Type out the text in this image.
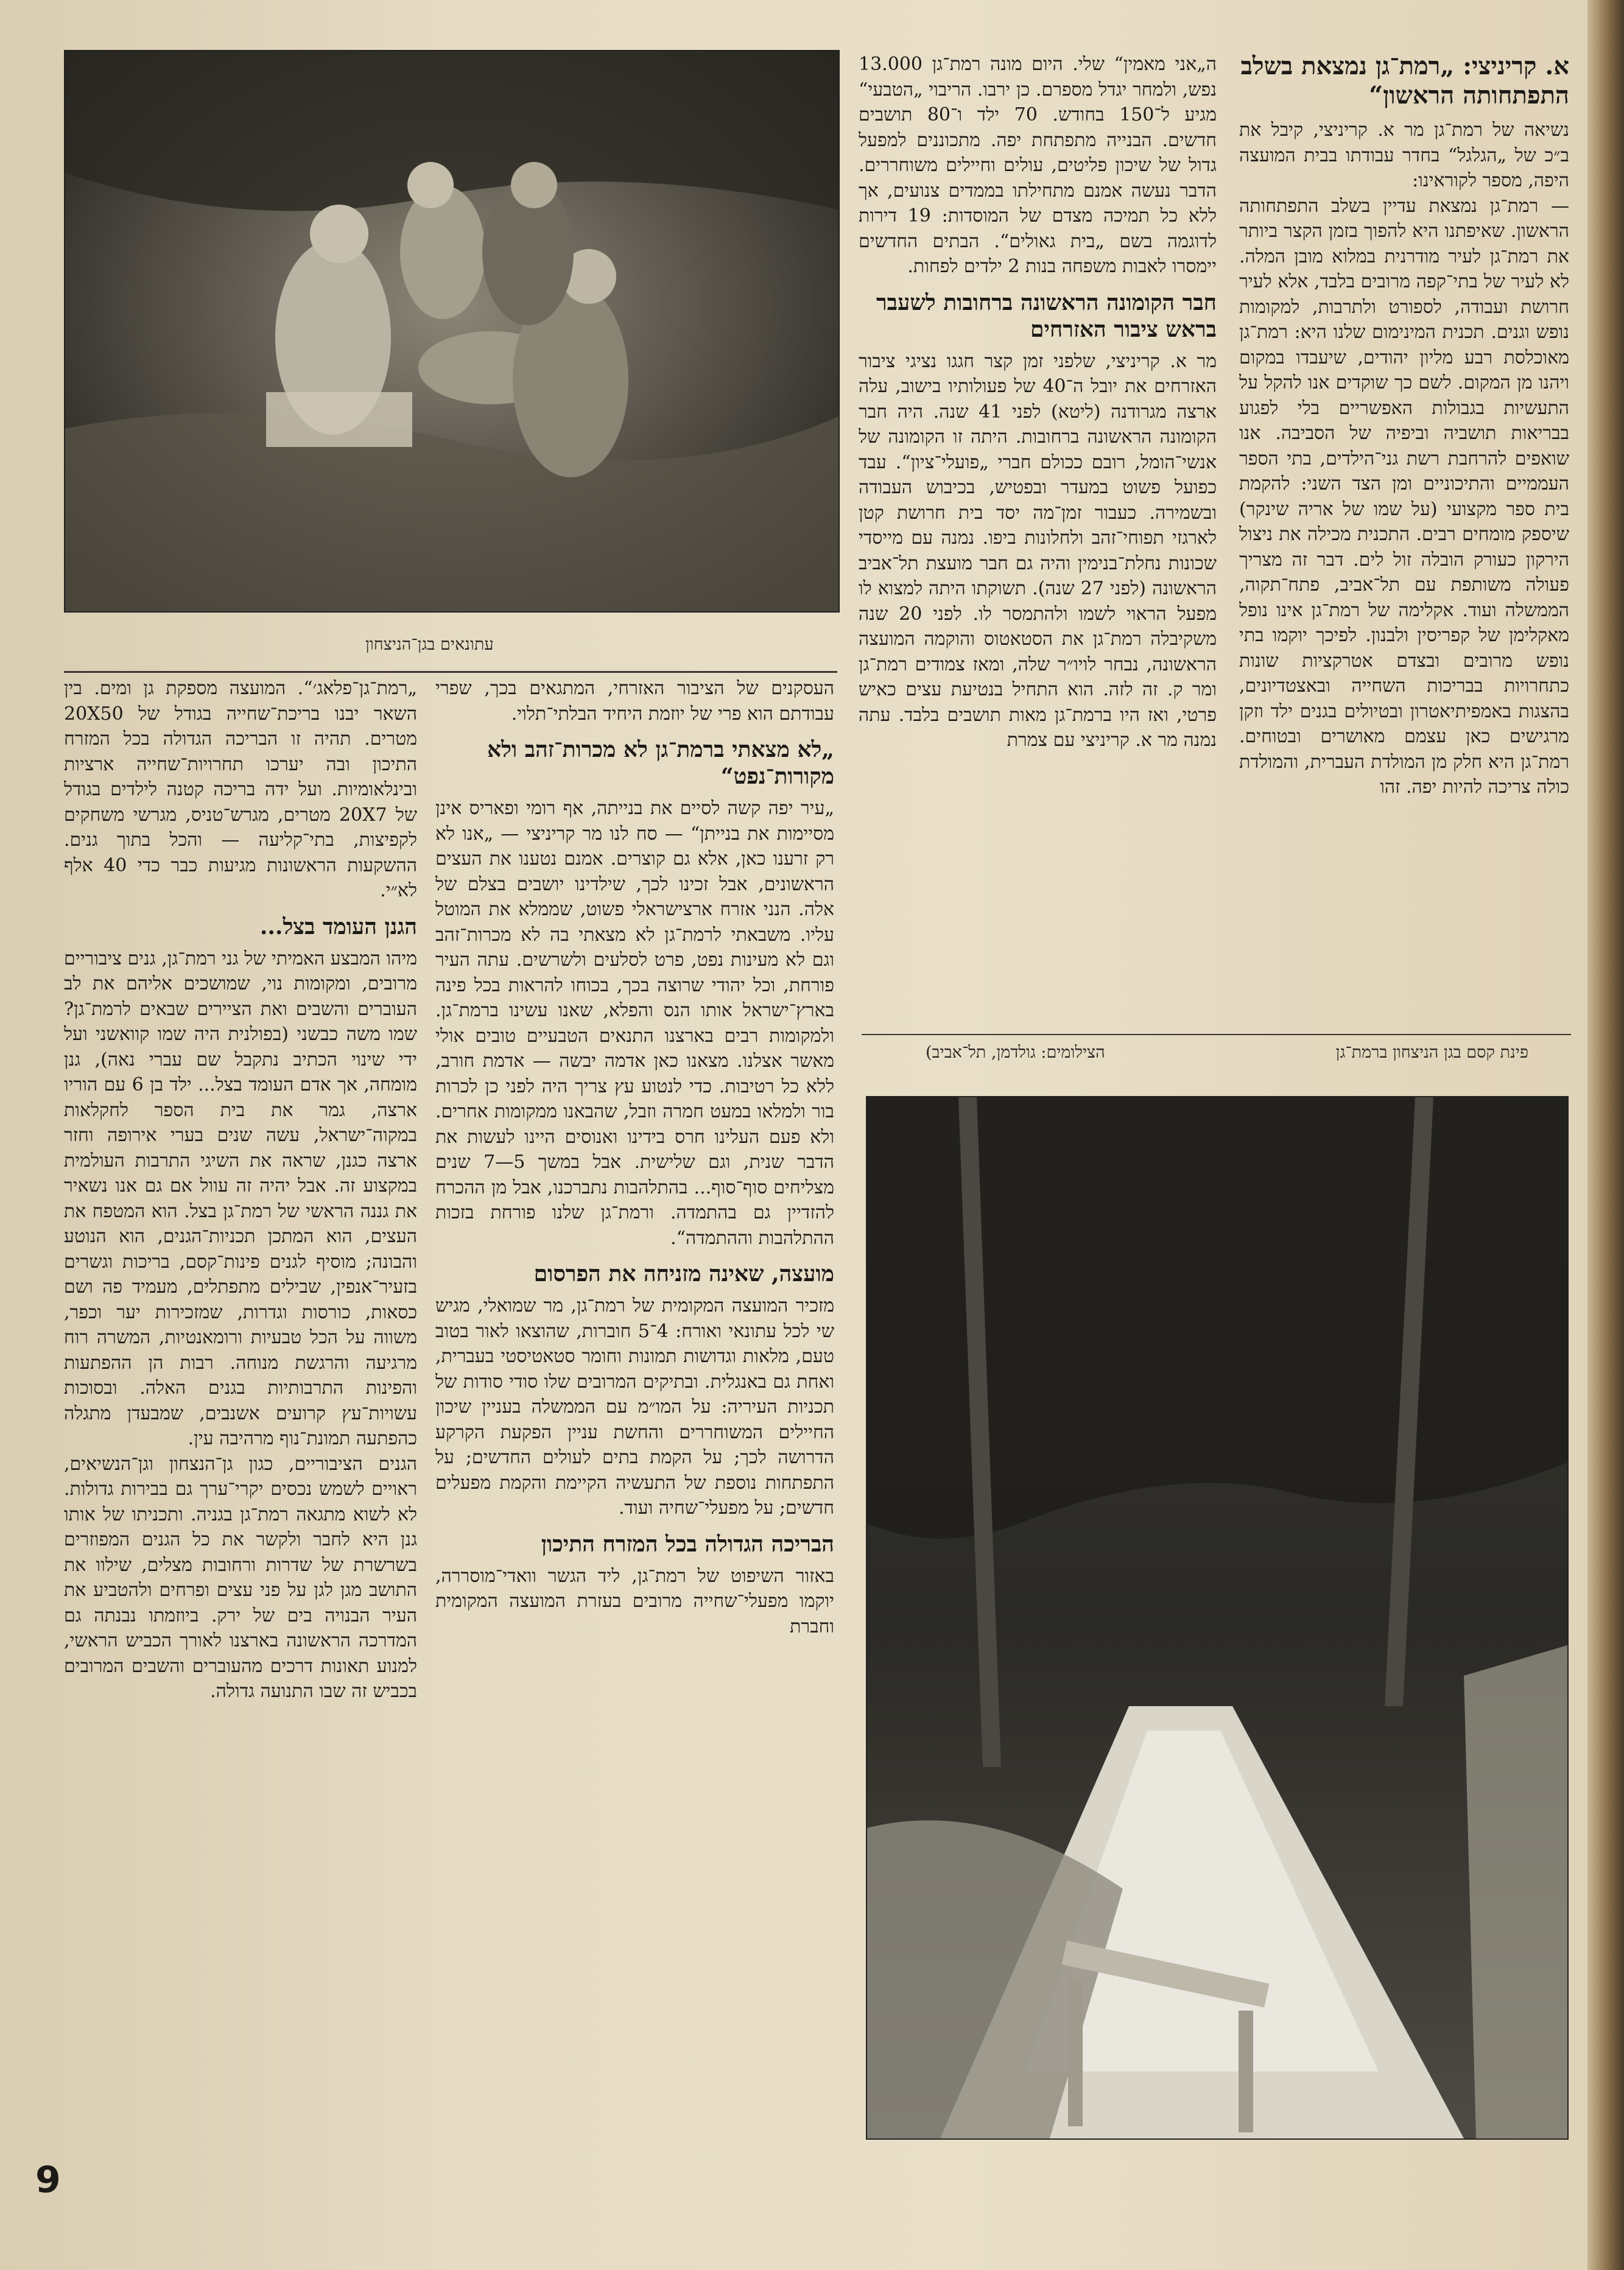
א. קריניצי: „רמת־גן נמצאת בשלב התפתחותה הראשון“

נשיאה של רמת־גן מר א. קריניצי, קיבל את ב״כ של „הגלגל“ בחדר עבודתו בבית המועצה היפה, מספר לקוראינו:

— רמת־גן נמצאת עדיין בשלב התפתחותה הראשון. שאיפתנו היא להפוך בזמן הקצר ביותר את רמת־גן לעיר מודרנית במלוא מובן המלה. לא לעיר של בתי־קפה מרובים בלבד, אלא לעיר חרושת ועבודה, לספורט ולתרבות, למקומות נופש וגנים. תכנית המינימום שלנו היא: רמת־גן מאוכלסת רבע מליון יהודים, שיעבדו במקום ויהנו מן המקום. לשם כך שוקדים אנו להקל על התעשיות בגבולות האפשריים בלי לפגוע בבריאות תושביה וביפיה של הסביבה. אנו שואפים להרחבת רשת גני־הילדים, בתי הספר העממיים והתיכוניים ומן הצד השני: להקמת בית ספר מקצועי (על שמו של אריה שינקר) שיספק מומחים רבים. התכנית מכילה את ניצול הירקון כעורק הובלה זול לים. דבר זה מצריך פעולה משותפת עם תל־אביב, פתח־תקוה, הממשלה ועוד. אקלימה של רמת־גן אינו נופל מאקלימן של קפריסין ולבנון. לפיכך יוקמו בתי נופש מרובים ובצדם אטרקציות שונות כתחרויות בבריכות השחייה ובאצטדיונים, בהצגות באמפיתיאטרון ובטיולים בגנים ילד וזקן מרגישים כאן עצמם מאושרים ובטוחים. רמת־גן היא חלק מן המולדת העברית, והמולדת כולה צריכה להיות יפה. זהו

ה„אני מאמין“ שלי. היום מונה רמת־גן 13.000 נפש, ולמחר יגדל מספרם. כן ירבו. הריבוי „הטבעי“ מגיע ל־150 בחודש. 70 ילד ו־80 תושבים חדשים. הבנייה מתפתחת יפה. מתכוננים למפעל גדול של שיכון פליטים, עולים וחיילים משוחררים. הדבר נעשה אמנם מתחילתו בממדים צנועים, אך ללא כל תמיכה מצדם של המוסדות: 19 דירות לדוגמה בשם „בית גאולים“. הבתים החדשים יימסרו לאבות משפחה בנות 2 ילדים לפחות.

חבר הקומונה הראשונה ברחובות לשעבר בראש ציבור האזרחים

מר א. קריניצי, שלפני זמן קצר חגגו נציגי ציבור האזרחים את יובל ה־40 של פעולותיו בישוב, עלה ארצה מגרודנה (ליטא) לפני 41 שנה. היה חבר הקומונה הראשונה ברחובות. היתה זו הקומונה של אנשי־הומל, רובם ככולם חברי „פועלי־ציון“. עבד כפועל פשוט במעדר ובפטיש, בכיבוש העבודה ובשמירה. כעבור זמן־מה יסד בית חרושת קטן לארגזי תפוחי־זהב ולחלונות ביפו. נמנה עם מייסדי שכונות נחלת־בנימין והיה גם חבר מועצת תל־אביב הראשונה (לפני 27 שנה). תשוקתו היתה למצוא לו מפעל הראוי לשמו ולהתמסר לו. לפני 20 שנה משקיבלה רמת־גן את הסטאטוס והוקמה המועצה הראשונה, נבחר לויו״ר שלה, ומאז צמודים רמת־גן ומר ק. זה לזה. הוא התחיל בנטיעת עצים כאיש פרטי, ואז היו ברמת־גן מאות תושבים בלבד. עתה נמנה מר א. קריניצי עם צמרת

עתונאים בגן־הניצחון

העסקנים של הציבור האזרחי, המתגאים בכך, שפרי עבודתם הוא פרי של יוזמת היחיד הבלתי־תלוי.

„לא מצאתי ברמת־גן לא מכרות־זהב ולא מקורות־נפט“

„עיר יפה קשה לסיים את בנייתה, אף רומי ופאריס אינן מסיימות את בנייתן“ — סח לנו מר קריניצי — „אנו לא רק זרענו כאן, אלא גם קוצרים. אמנם נטענו את העצים הראשונים, אבל זכינו לכך, שילדינו יושבים בצלם של אלה. הנני אזרח ארצישראלי פשוט, שממלא את המוטל עליו. משבאתי לרמת־גן לא מצאתי בה לא מכרות־זהב וגם לא מעינות נפט, פרט לסלעים ולשרשים. עתה העיר פורחת, וכל יהודי שרוצה בכך, בכוחו להראות בכל פינה בארץ־ישראל אותו הנס והפלא, שאנו עשינו ברמת־גן. ולמקומות רבים בארצנו התנאים הטבעיים טובים אולי מאשר אצלנו. מצאנו כאן אדמה יבשה — אדמת חורב, ללא כל רטיבות. כדי לנטוע עץ צריך היה לפני כן לכרות בור ולמלאו במעט חמרה וזבל, שהבאנו ממקומות אחרים. ולא פעם העלינו חרס בידינו ואנוסים היינו לעשות את הדבר שנית, וגם שלישית. אבל במשך 5—7 שנים מצליחים סוף־סוף... בהתלהבות נתברכנו, אבל מן ההכרח להזדיין גם בהתמדה. ורמת־גן שלנו פורחת בזכות ההתלהבות וההתמדה“.

מועצה, שאינה מזניחה את הפרסום

מזכיר המועצה המקומית של רמת־גן, מר שמואלי, מגיש שי לכל עתונאי ואורח: 4־5 חוברות, שהוצאו לאור בטוב טעם, מלאות וגדושות תמונות וחומר סטאטיסטי בעברית, ואחת גם באנגלית. ובתיקים המרובים שלו סודי סודות של תכניות העיריה: על המו״מ עם הממשלה בעניין שיכון החיילים המשוחררים והחשת עניין הפקעת הקרקע הדרושה לכך; על הקמת בתים לעולים החדשים; על התפתחות נוספת של התעשיה הקיימת והקמת מפעלים חדשים; על מפעלי־שחיה ועוד.

הבריכה הגדולה בכל המזרח התיכון

באזור השיפוט של רמת־גן, ליד הגשר וואדי־מוסררה, יוקמו מפעלי־שחייה מרובים בעזרת המועצה המקומית וחברת

„רמת־גן־פלאג׳“. המועצה מספקת גן ומים. בין השאר יבנו בריכת־שחייה בגודל של 20X50 מטרים. תהיה זו הבריכה הגדולה בכל המזרח התיכון ובה יערכו תחרויות־שחייה ארציות ובינלאומיות. ועל ידה בריכה קטנה לילדים בגודל של 20X7 מטרים, מגרש־טניס, מגרשי משחקים לקפיצות, בתי־קליעה — והכל בתוך גנים. ההשקעות הראשונות מגיעות כבר כדי 40 אלף לא״י.

הגנן העומד בצל...

מיהו המבצע האמיתי של גני רמת־גן, גנים ציבוריים מרובים, ומקומות נוי, שמושכים אליהם את לב העוברים והשבים ואת הציירים שבאים לרמת־גן? שמו משה כבשני (בפולנית היה שמו קוואשני ועל ידי שינוי הכתיב נתקבל שם עברי נאה), גנן מומחה, אך אדם העומד בצל... ילד בן 6 עם הוריו ארצה, גמר את בית הספר לחקלאות במקוה־ישראל, עשה שנים בערי אירופה וחזר ארצה כגנן, שראה את השיגי התרבות העולמית במקצוע זה. אבל יהיה זה עוול אם גם אנו נשאיר את גננה הראשי של רמת־גן בצל. הוא המטפח את העצים, הוא המתכן תכניות־הגנים, הוא הנוטע והבונה; מוסיף לגנים פינות־קסם, בריכות וגשרים בזעיר־אנפין, שבילים מתפתלים, מעמיד פה ושם כסאות, כורסות וגדרות, שמזכירות יער וכפר, משווה על הכל טבעיות ורומאנטיות, המשרה רוח מרגיעה והרגשת מנוחה. רבות הן ההפתעות והפינות התרבותיות בגנים האלה. ובסוכות עשויות־עץ קרועים אשנבים, שמבעדן מתגלה כהפתעה תמונת־נוף מרהיבה עין.

הגנים הציבוריים, כגון גן־הנצחון וגן־הנשיאים, ראויים לשמש נכסים יקרי־ערך גם בבירות גדולות. לא לשוא מתגאה רמת־גן בגניה. ותכניתו של אותו גנן היא לחבר ולקשר את כל הגנים המפוזרים בשרשרת של שדרות ורחובות מצלים, שילוו את התושב מגן לגן על פני עצים ופרחים ולהטביע את העיר הבנויה בים של ירק. ביוזמתו נבנתה גם המדרכה הראשונה בארצנו לאורך הכביש הראשי, למנוע תאונות דרכים מהעוברים והשבים המרובים בכביש זה שבו התנועה גדולה.

פינת קסם בגן הניצחון ברמת־גן
הצילומים: גולדמן, תל־אביב)
9
